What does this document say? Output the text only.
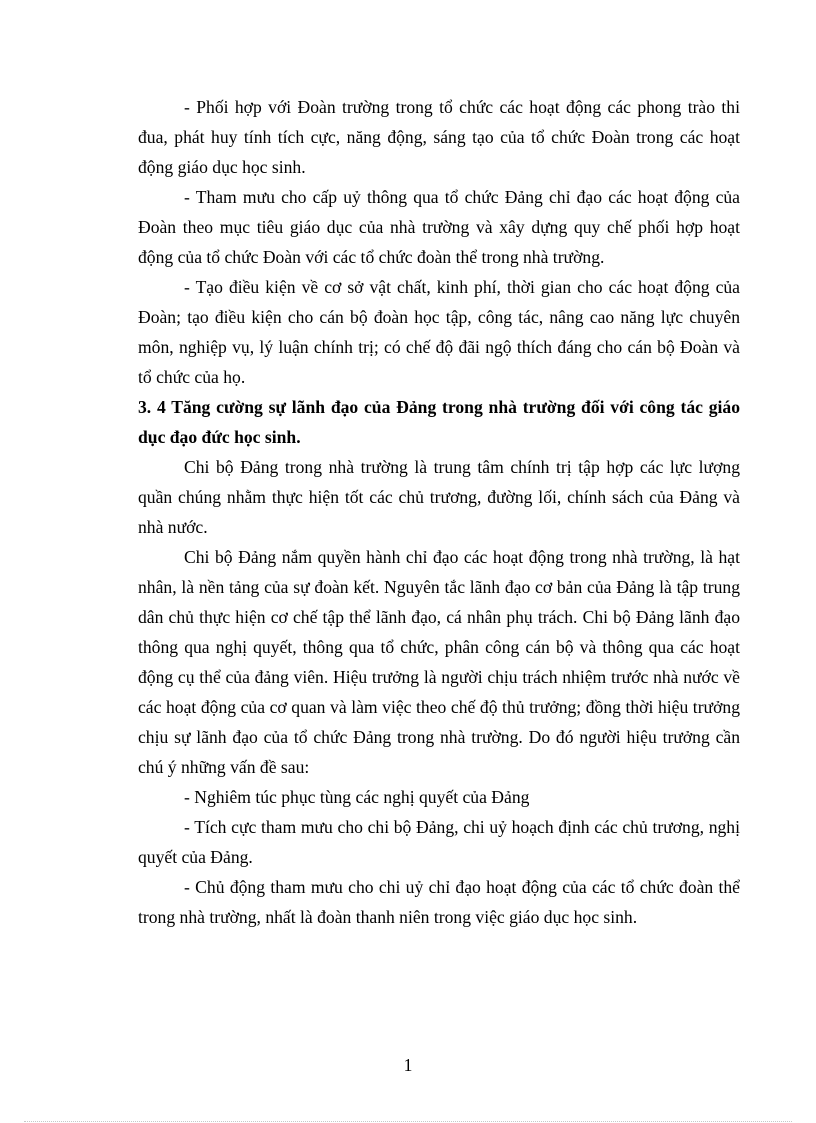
- Phối hợp với Đoàn trường trong tổ chức các hoạt động các phong trào thi đua, phát huy tính tích cực, năng động, sáng tạo của tổ chức Đoàn trong các hoạt động giáo dục học sinh.

- Tham mưu cho cấp uỷ thông qua tổ chức Đảng chỉ đạo các hoạt động của Đoàn theo mục tiêu giáo dục của nhà trường và xây dựng quy chế phối hợp hoạt động của tổ chức Đoàn với các tổ chức đoàn thể trong nhà trường.

- Tạo điều kiện về cơ sở vật chất, kinh phí, thời gian cho các hoạt động của Đoàn; tạo điều kiện cho cán bộ đoàn học tập, công tác, nâng cao năng lực chuyên môn, nghiệp vụ, lý luận chính trị; có chế độ đãi ngộ thích đáng cho cán bộ Đoàn và tổ chức của họ.

3. 4 Tăng cường sự lãnh đạo của Đảng trong nhà trường đối với công tác giáo dục đạo đức học sinh.

Chi bộ Đảng trong nhà trường là trung tâm chính trị tập hợp các lực lượng quần chúng nhằm thực hiện tốt các chủ trương, đường lối, chính sách của Đảng và nhà nước.

Chi bộ Đảng nắm quyền hành chỉ đạo các hoạt động trong nhà trường, là hạt nhân, là nền tảng của sự đoàn kết. Nguyên tắc lãnh đạo cơ bản của Đảng là tập trung dân chủ thực hiện cơ chế tập thể lãnh đạo, cá nhân phụ trách. Chi bộ Đảng lãnh đạo thông qua nghị quyết, thông qua tổ chức, phân công cán bộ và thông qua các hoạt động cụ thể của đảng viên. Hiệu trưởng là người chịu trách nhiệm trước nhà nước về các hoạt động của cơ quan và làm việc theo chế độ thủ trưởng; đồng thời hiệu trưởng chịu sự lãnh đạo của tổ chức Đảng trong nhà trường. Do đó người hiệu trưởng cần chú ý những vấn đề sau:

- Nghiêm túc phục tùng các nghị quyết của Đảng

- Tích cực tham mưu cho chi bộ Đảng, chi uỷ hoạch định các chủ trương, nghị quyết của Đảng.

- Chủ động tham mưu cho chi uỷ chỉ đạo hoạt động của các tổ chức đoàn thể trong nhà trường, nhất là đoàn thanh niên trong việc giáo dục học sinh.

1
